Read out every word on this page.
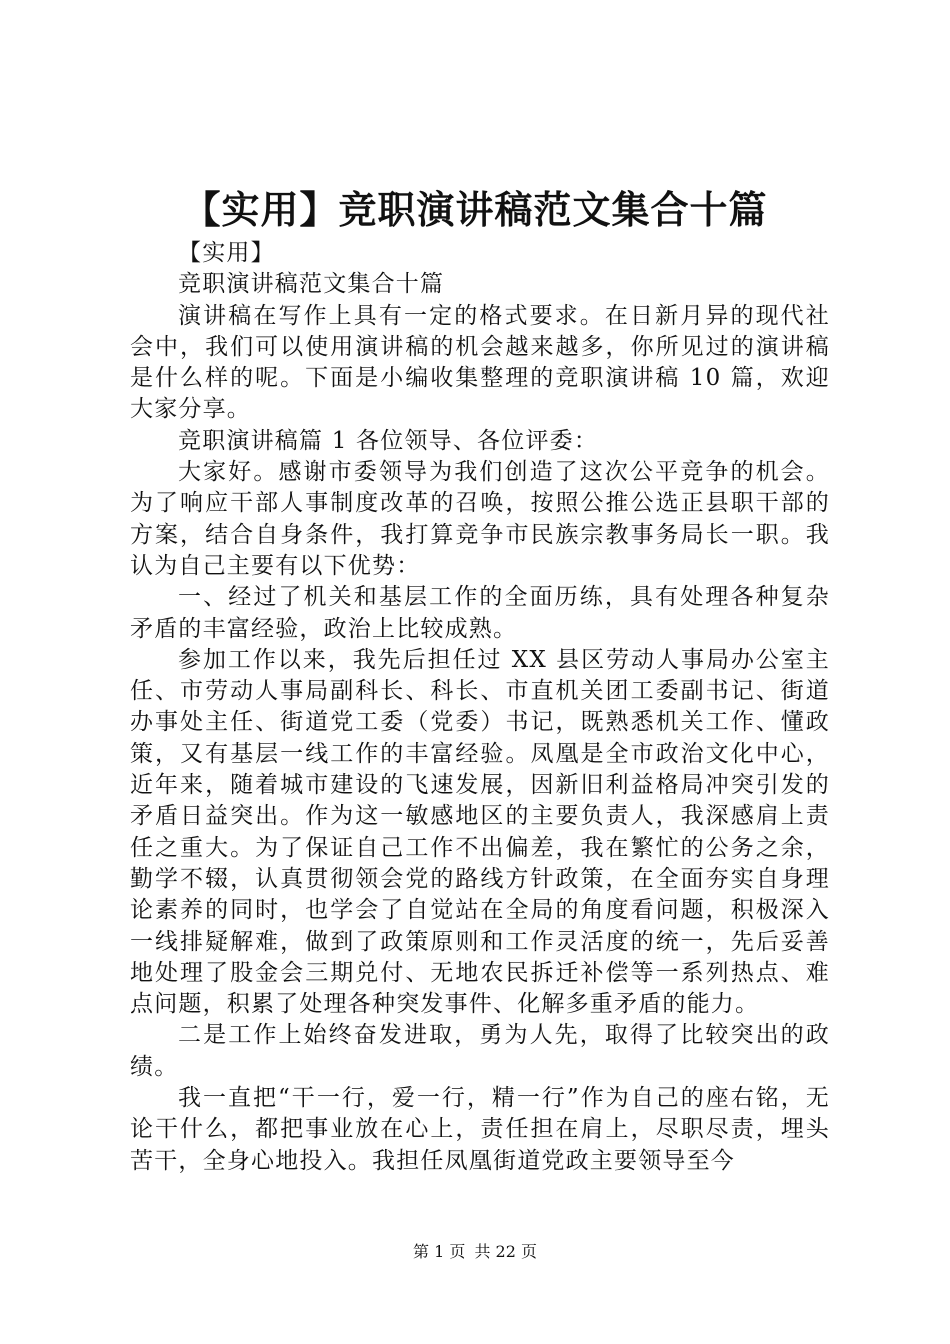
【实用】竞职演讲稿范文集合十篇

【实用】

竞职演讲稿范文集合十篇

演讲稿在写作上具有一定的格式要求。在日新月异的现代社会中，我们可以使用演讲稿的机会越来越多，你所见过的演讲稿是什么样的呢。下面是小编收集整理的竞职演讲稿 10 篇，欢迎大家分享。

竞职演讲稿篇 1 各位领导、各位评委：

大家好。感谢市委领导为我们创造了这次公平竞争的机会。为了响应干部人事制度改革的召唤，按照公推公选正县职干部的方案，结合自身条件，我打算竞争市民族宗教事务局长一职。我认为自己主要有以下优势：

一、经过了机关和基层工作的全面历练，具有处理各种复杂矛盾的丰富经验，政治上比较成熟。

参加工作以来，我先后担任过 XX 县区劳动人事局办公室主任、市劳动人事局副科长、科长、市直机关团工委副书记、街道办事处主任、街道党工委（党委）书记，既熟悉机关工作、懂政策，又有基层一线工作的丰富经验。凤凰是全市政治文化中心，近年来，随着城市建设的飞速发展，因新旧利益格局冲突引发的矛盾日益突出。作为这一敏感地区的主要负责人，我深感肩上责任之重大。为了保证自己工作不出偏差，我在繁忙的公务之余，勤学不辍，认真贯彻领会党的路线方针政策，在全面夯实自身理论素养的同时，也学会了自觉站在全局的角度看问题，积极深入一线排疑解难，做到了政策原则和工作灵活度的统一，先后妥善地处理了股金会三期兑付、无地农民拆迁补偿等一系列热点、难点问题，积累了处理各种突发事件、化解多重矛盾的能力。

二是工作上始终奋发进取，勇为人先，取得了比较突出的政绩。

我一直把“干一行，爱一行，精一行”作为自己的座右铭，无论干什么，都把事业放在心上，责任担在肩上，尽职尽责，埋头苦干，全身心地投入。我担任凤凰街道党政主要领导至今

第 1 页 共 22 页
